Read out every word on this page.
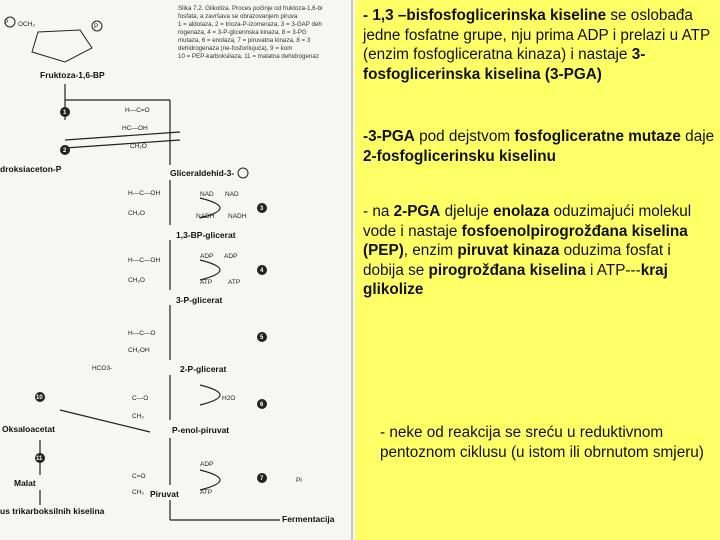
P OCH₂	P
Slika 7.2. Glikoliza. Proces počinje od fruktoza-1,6-bi
fosfata, a završava se obrazovanjem piruva
1 = aldolaza, 2 = trioza-P-izomeraza, 3 = 3-GAP deh
rogenaza, 4 = 3-P-glicerinska kinaza, 8 = 3-PG
mutaza, 6 = enolaza, 7 = piruvatna kinaza, 8 = 3
dehidrogenaza (ne-fosforilujuća), 9 = kom
10 = PEP-karboksilaza, 11 = malatna dehidrogenaz
Fruktoza-1,6-BP
H—C=O
HC—OH
CH₂O
H—C—OH
CH₂O
H—C—OH
CH₂O
H—C—O
CH₂OH
C—O
CH₂
C=O
CH₃
droksiaceton-P	Gliceraldehid-3-
1,3-BP-glicerat
3-P-glicerat
2-P-glicerat
P-enol-piruvat
Oksaloacetat
Malat
Piruvat
us trikarboksilnih kiselina
Fermentacija
NAD NAD
NADH NADH
ADP ADP
ATP ATP
H2O
HCO3-
ADP
ATP
Pi
1
2
3
4
5
6
7
10
11
- 1,3 –bisfosfoglicerinska kiseline se oslobađa jedne fosfatne grupe, nju prima ADP i prelazi u ATP (enzim fosfogliceratna kinaza) i nastaje 3- fosfoglicerinska kiselina (3-PGA)
-3-PGA pod dejstvom fosfogliceratne mutaze daje 2-fosfoglicerinsku kiselinu
- na 2-PGA djeluje enolaza oduzimajući molekul vode i nastaje fosfoenolpirogrožđana kiselina (PEP), enzim piruvat kinaza oduzima fosfat i dobija se pirogrožđana kiselina i ATP---kraj glikolize
- neke od reakcija se sreću u reduktivnom pentoznom ciklusu (u istom ili obrnutom smjeru)
